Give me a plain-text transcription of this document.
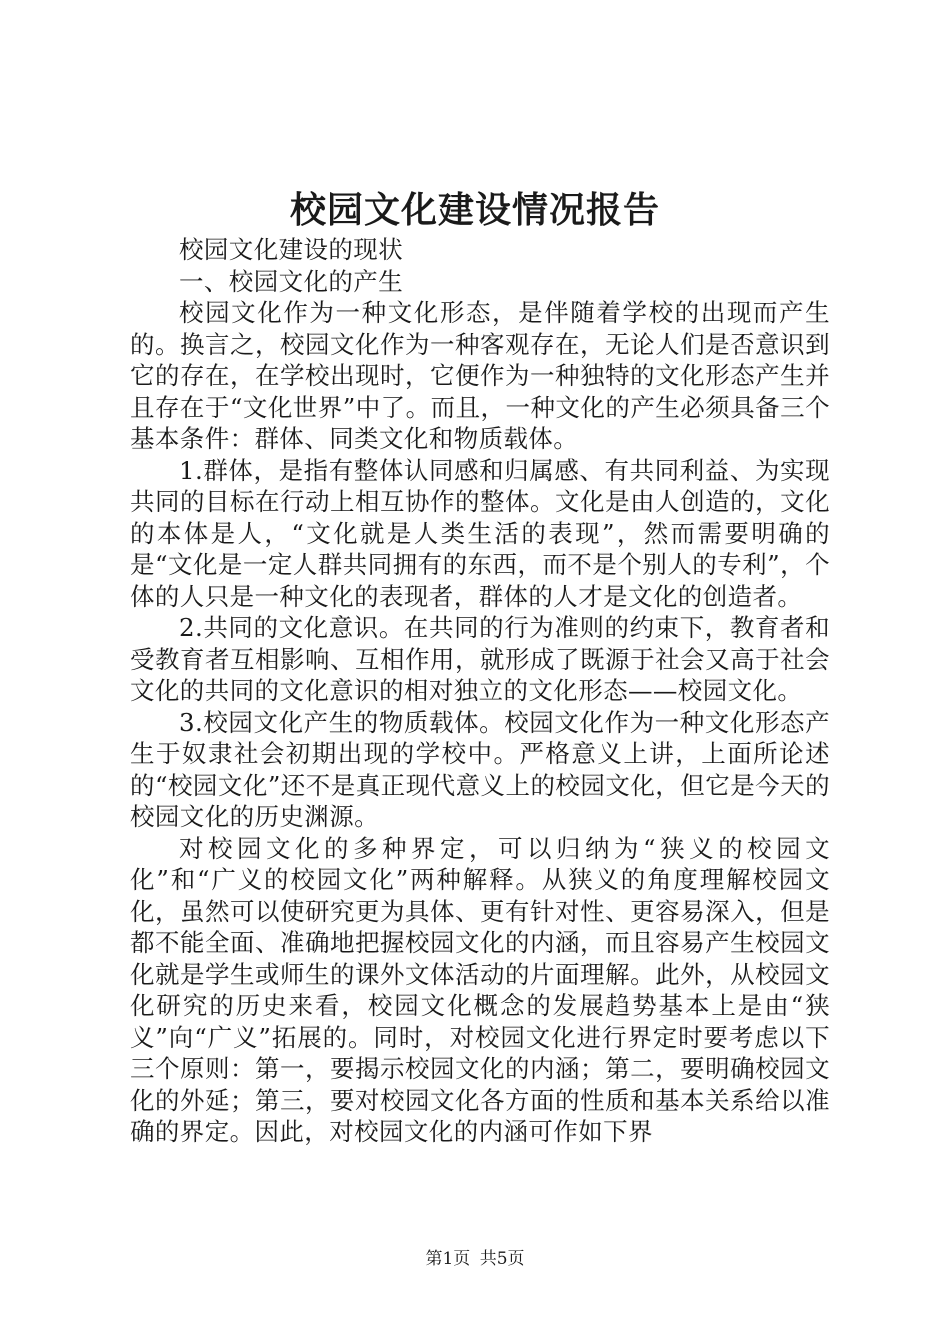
校园文化建设情况报告

校园文化建设的现状

一、校园文化的产生

校园文化作为一种文化形态，是伴随着学校的出现而产生的。换言之，校园文化作为一种客观存在，无论人们是否意识到它的存在，在学校出现时，它便作为一种独特的文化形态产生并且存在于“文化世界”中了。而且，一种文化的产生必须具备三个基本条件：群体、同类文化和物质载体。

1.群体，是指有整体认同感和归属感、有共同利益、为实现共同的目标在行动上相互协作的整体。文化是由人创造的，文化的本体是人，“文化就是人类生活的表现”，然而需要明确的是“文化是一定人群共同拥有的东西，而不是个别人的专利”，个体的人只是一种文化的表现者，群体的人才是文化的创造者。

2.共同的文化意识。在共同的行为准则的约束下，教育者和受教育者互相影响、互相作用，就形成了既源于社会又高于社会文化的共同的文化意识的相对独立的文化形态——校园文化。

3.校园文化产生的物质载体。校园文化作为一种文化形态产生于奴隶社会初期出现的学校中。严格意义上讲，上面所论述的“校园文化”还不是真正现代意义上的校园文化，但它是今天的校园文化的历史渊源。

对校园文化的多种界定，可以归纳为“狭义的校园文化”和“广义的校园文化”两种解释。从狭义的角度理解校园文化，虽然可以使研究更为具体、更有针对性、更容易深入，但是都不能全面、准确地把握校园文化的内涵，而且容易产生校园文化就是学生或师生的课外文体活动的片面理解。此外，从校园文化研究的历史来看，校园文化概念的发展趋势基本上是由“狭义”向“广义”拓展的。同时，对校园文化进行界定时要考虑以下三个原则：第一，要揭示校园文化的内涵；第二，要明确校园文化的外延；第三，要对校园文化各方面的性质和基本关系给以准确的界定。因此，对校园文化的内涵可作如下界

第1页 共5页
